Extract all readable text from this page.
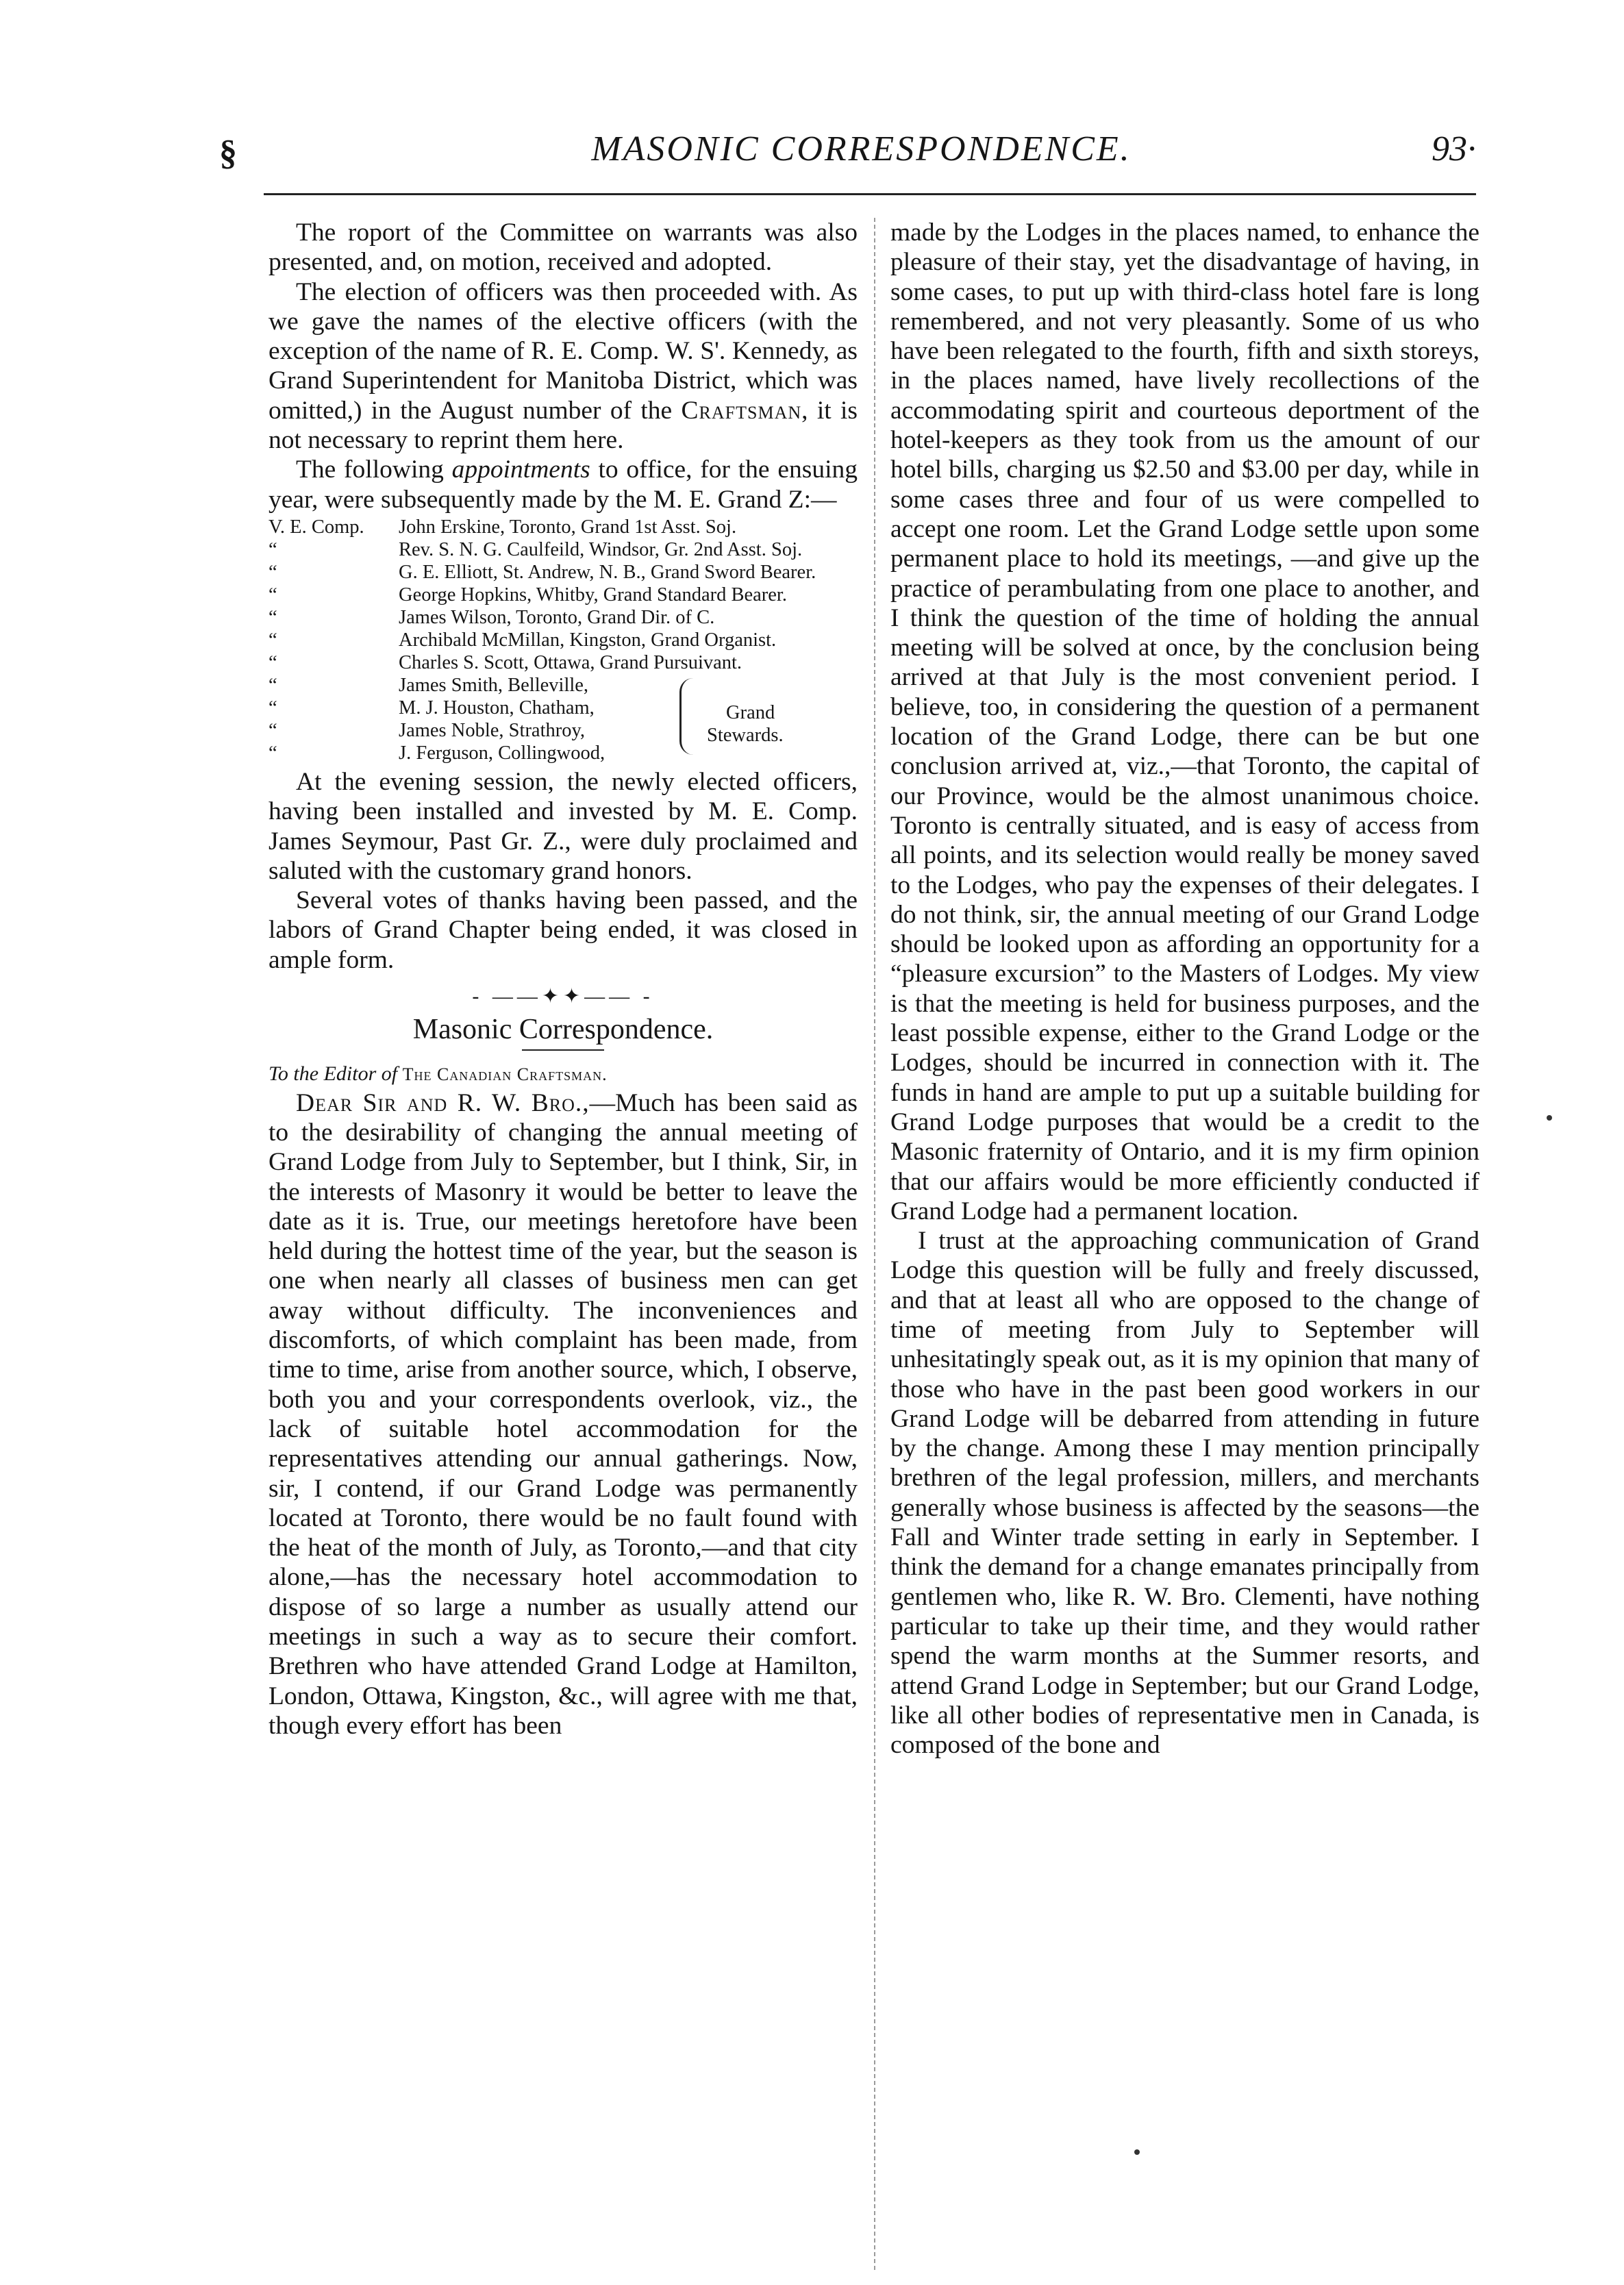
§	MASONIC CORRESPONDENCE.	93·

The roport of the Committee on warrants was also presented, and, on motion, received and adopted.

The election of officers was then proceeded with. As we gave the names of the elective officers (with the exception of the name of R. E. Comp. W. S'. Kennedy, as Grand Superintendent for Manitoba District, which was omitted,) in the August number of the Craftsman, it is not necessary to reprint them here.

The following appointments to office, for the ensuing year, were subsequently made by the M. E. Grand Z:—

V. E. Comp. John Erskine, Toronto, Grand 1st Asst. Soj.
“	Rev. S. N. G. Caulfeild, Windsor, Gr. 2nd Asst. Soj.
“	G. E. Elliott, St. Andrew, N. B., Grand Sword Bearer.
“	George Hopkins, Whitby, Grand Standard Bearer.
“	James Wilson, Toronto, Grand Dir. of C.
“	Archibald McMillan, Kingston, Grand Organist.
“	Charles S. Scott, Ottawa, Grand Pursuivant.
“	James Smith, Belleville,
“	M. J. Houston, Chatham,
“	James Noble, Strathroy,
“	J. Ferguson, Collingwood,
Grand
Stewards.

At the evening session, the newly elected officers, having been installed and invested by M. E. Comp. James Seymour, Past Gr. Z., were duly proclaimed and saluted with the customary grand honors.

Several votes of thanks having been passed, and the labors of Grand Chapter being ended, it was closed in ample form.

- ——✦✦—— -
Masonic Correspondence.

To the Editor of The Canadian Craftsman.

Dear Sir and R. W. Bro.,—Much has been said as to the desirability of changing the annual meeting of Grand Lodge from July to September, but I think, Sir, in the interests of Masonry it would be better to leave the date as it is. True, our meetings heretofore have been held during the hottest time of the year, but the season is one when nearly all classes of business men can get away without difficulty. The inconveniences and discomforts, of which complaint has been made, from time to time, arise from another source, which, I observe, both you and your correspondents overlook, viz., the lack of suitable hotel accommodation for the representatives attending our annual gatherings. Now, sir, I contend, if our Grand Lodge was permanently located at Toronto, there would be no fault found with the heat of the month of July, as Toronto,—and that city alone,—has the necessary hotel accommodation to dispose of so large a number as usually attend our meetings in such a way as to secure their comfort. Brethren who have attended Grand Lodge at Hamilton, London, Ottawa, Kingston, &c., will agree with me that, though every effort has been

made by the Lodges in the places named, to enhance the pleasure of their stay, yet the disadvantage of having, in some cases, to put up with third-class hotel fare is long remembered, and not very pleasantly. Some of us who have been relegated to the fourth, fifth and sixth storeys, in the places named, have lively recollections of the accommodating spirit and courteous deportment of the hotel-keepers as they took from us the amount of our hotel bills, charging us $2.50 and $3.00 per day, while in some cases three and four of us were compelled to accept one room. Let the Grand Lodge settle upon some permanent place to hold its meetings, —and give up the practice of perambulating from one place to another, and I think the question of the time of holding the annual meeting will be solved at once, by the conclusion being arrived at that July is the most convenient period. I believe, too, in considering the question of a permanent location of the Grand Lodge, there can be but one conclusion arrived at, viz.,—that Toronto, the capital of our Province, would be the almost unanimous choice. Toronto is centrally situated, and is easy of access from all points, and its selection would really be money saved to the Lodges, who pay the expenses of their delegates. I do not think, sir, the annual meeting of our Grand Lodge should be looked upon as affording an opportunity for a “pleasure excursion” to the Masters of Lodges. My view is that the meeting is held for business purposes, and the least possible expense, either to the Grand Lodge or the Lodges, should be incurred in connection with it. The funds in hand are ample to put up a suitable building for Grand Lodge purposes that would be a credit to the Masonic fraternity of Ontario, and it is my firm opinion that our affairs would be more efficiently conducted if Grand Lodge had a permanent location.

I trust at the approaching communication of Grand Lodge this question will be fully and freely discussed, and that at least all who are opposed to the change of time of meeting from July to September will unhesitatingly speak out, as it is my opinion that many of those who have in the past been good workers in our Grand Lodge will be debarred from attending in future by the change. Among these I may mention principally brethren of the legal profession, millers, and merchants generally whose business is affected by the seasons—the Fall and Winter trade setting in early in September. I think the demand for a change emanates principally from gentlemen who, like R. W. Bro. Clementi, have nothing particular to take up their time, and they would rather spend the warm months at the Summer resorts, and attend Grand Lodge in September; but our Grand Lodge, like all other bodies of representative men in Canada, is composed of the bone and
